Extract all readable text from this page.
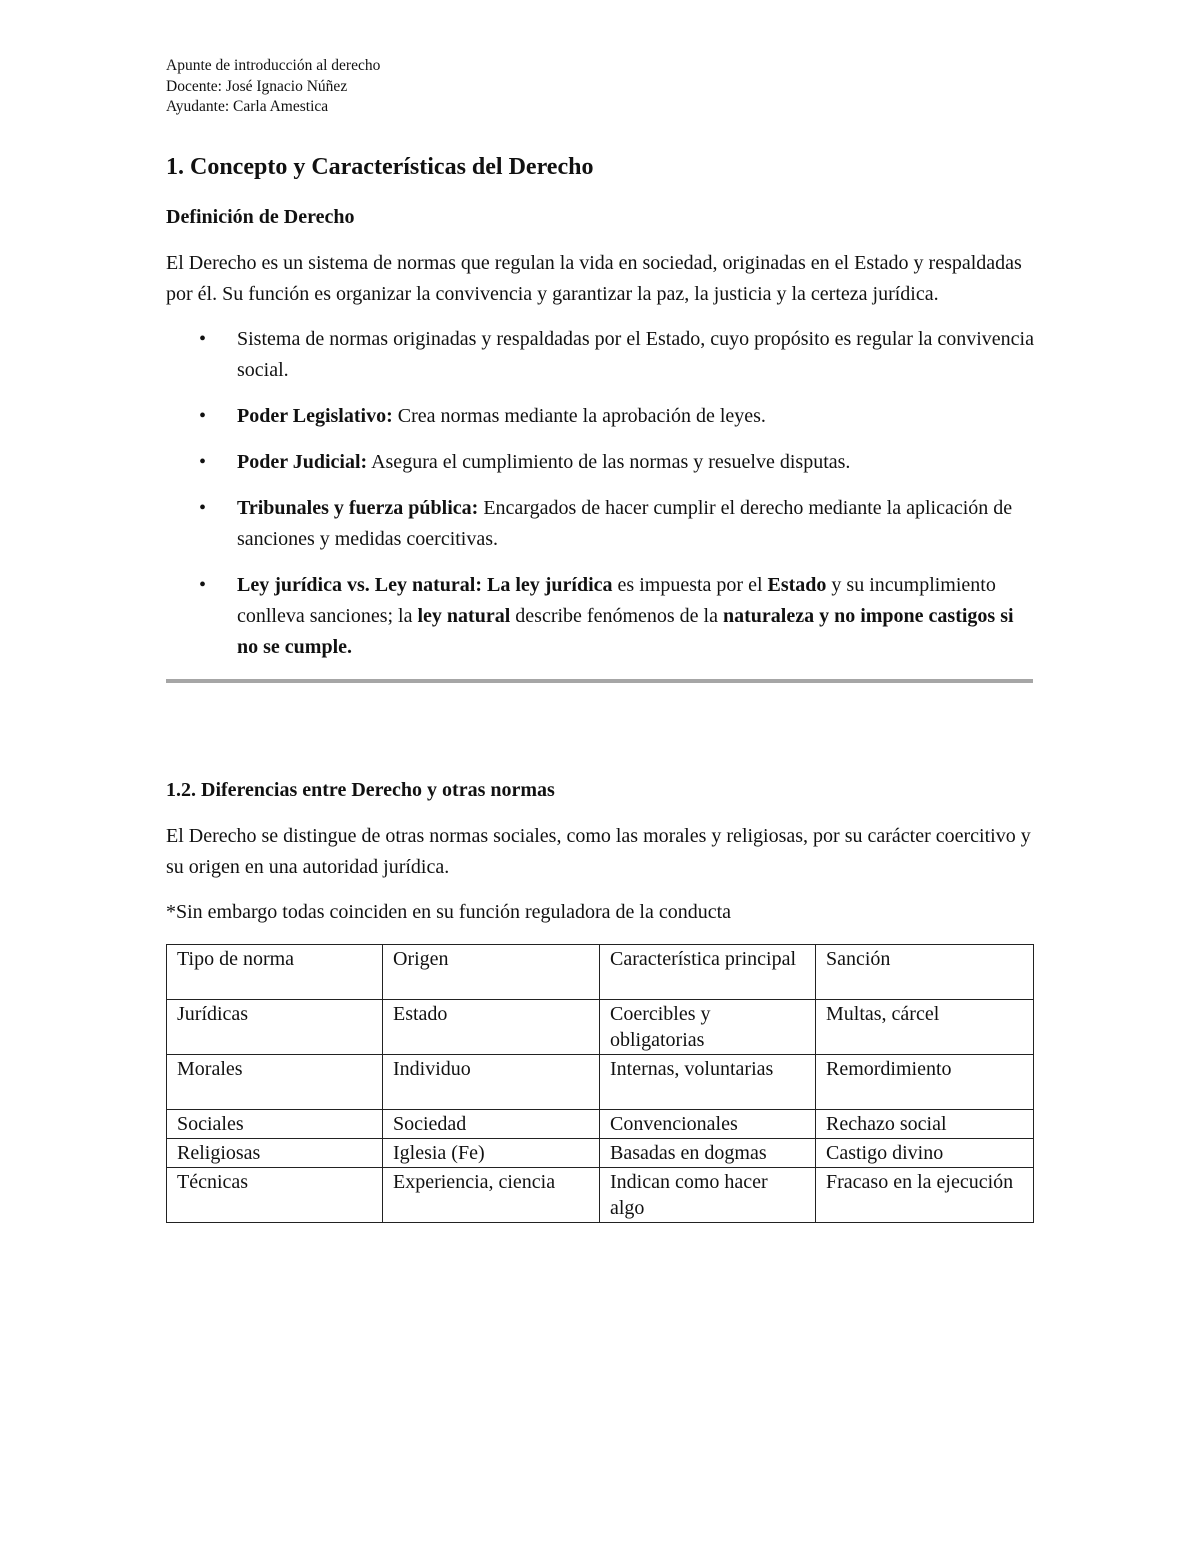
Apunte de introducción al derecho
Docente: José Ignacio Núñez
Ayudante: Carla Amestica
1. Concepto y Características del Derecho
Definición de Derecho

El Derecho es un sistema de normas que regulan la vida en sociedad, originadas en el Estado y respaldadas por él. Su función es organizar la convivencia y garantizar la paz, la justicia y la certeza jurídica.

• Sistema de normas originadas y respaldadas por el Estado, cuyo propósito es regular la convivencia social.
• Poder Legislativo: Crea normas mediante la aprobación de leyes.
• Poder Judicial: Asegura el cumplimiento de las normas y resuelve disputas.
• Tribunales y fuerza pública: Encargados de hacer cumplir el derecho mediante la aplicación de sanciones y medidas coercitivas.
• Ley jurídica vs. Ley natural: La ley jurídica es impuesta por el Estado y su incumplimiento conlleva sanciones; la ley natural describe fenómenos de la naturaleza y no impone castigos si no se cumple.
1.2. Diferencias entre Derecho y otras normas

El Derecho se distingue de otras normas sociales, como las morales y religiosas, por su carácter coercitivo y su origen en una autoridad jurídica.

*Sin embargo todas coinciden en su función reguladora de la conducta

Tipo de norma	Origen	Característica principal	Sanción
Jurídicas	Estado	Coercibles y obligatorias	Multas, cárcel
Morales	Individuo	Internas, voluntarias	Remordimiento
Sociales	Sociedad	Convencionales	Rechazo social
Religiosas	Iglesia (Fe)	Basadas en dogmas	Castigo divino
Técnicas	Experiencia, ciencia	Indican como hacer algo	Fracaso en la ejecución
